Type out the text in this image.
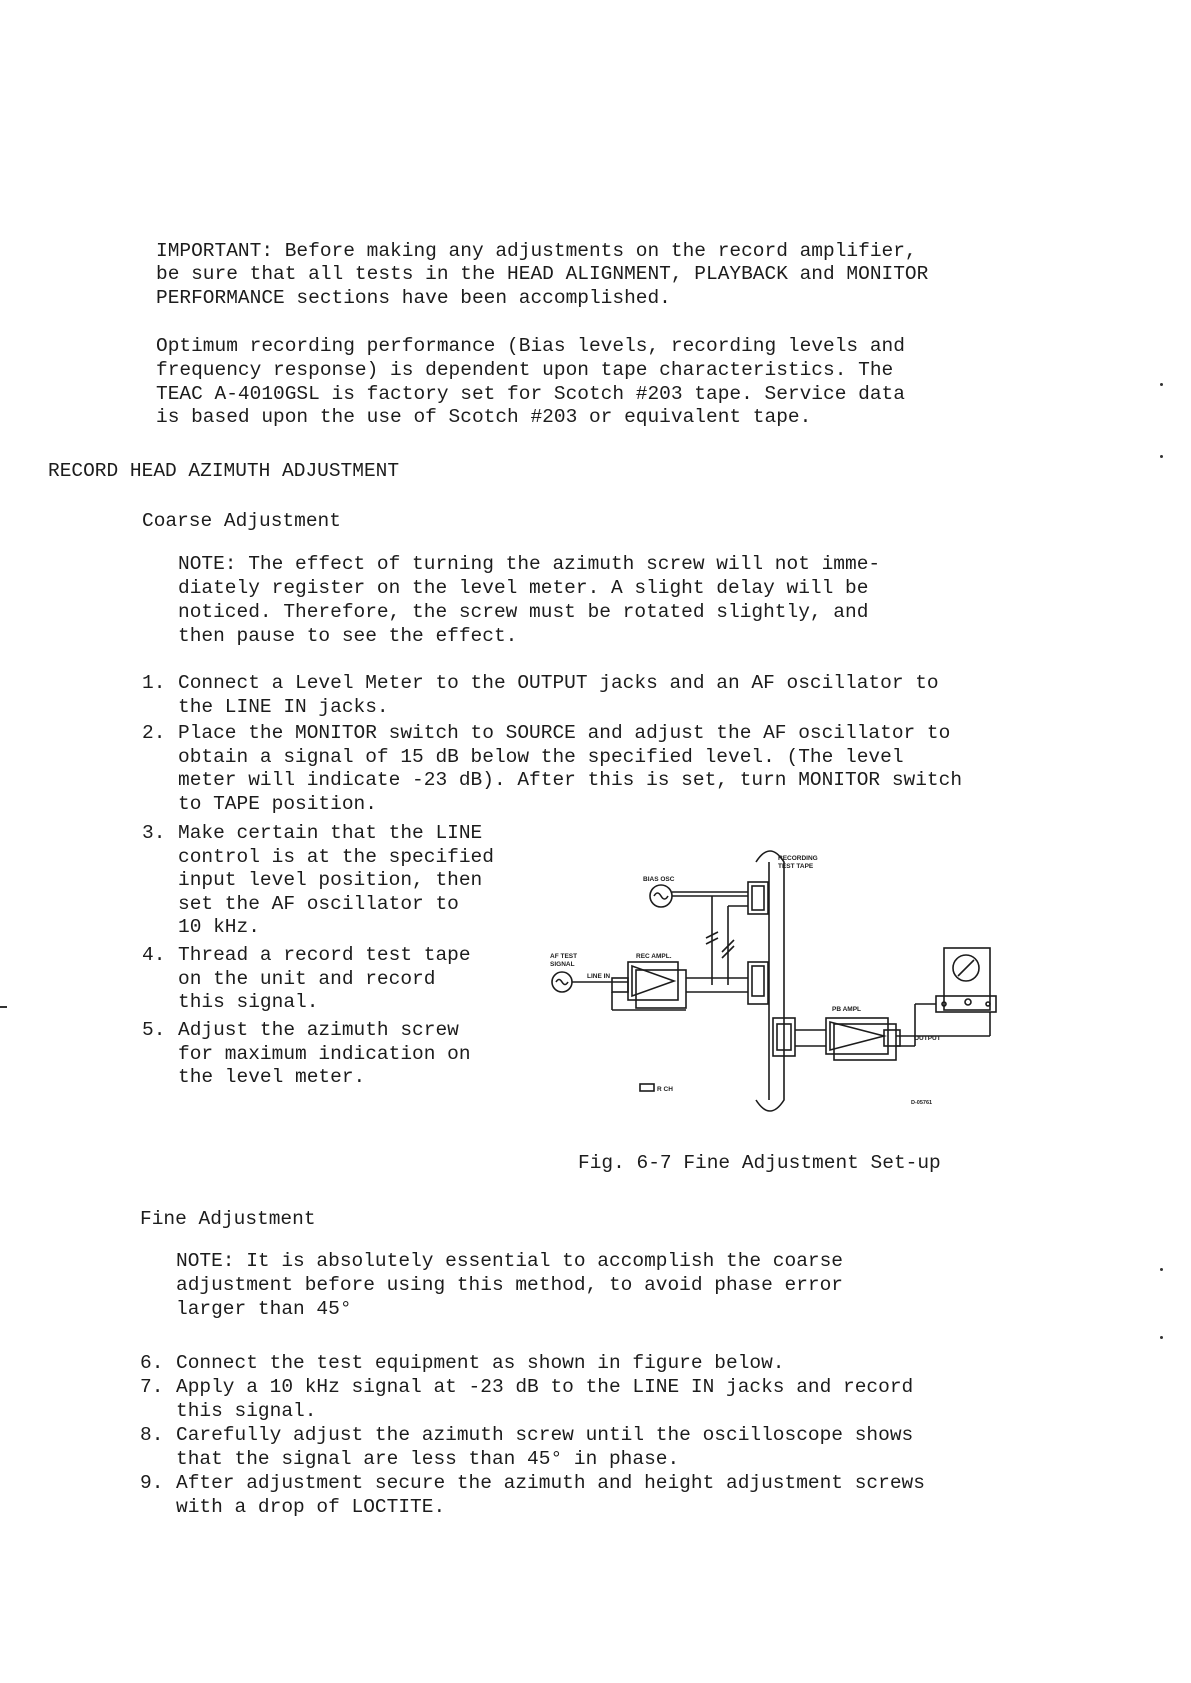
IMPORTANT: Before making any adjustments on the record amplifier,

be sure that all tests in the HEAD ALIGNMENT, PLAYBACK and MONITOR

PERFORMANCE sections have been accomplished.

Optimum recording performance (Bias levels, recording levels and

frequency response) is dependent upon tape characteristics. The

TEAC A-4010GSL is factory set for Scotch #203 tape. Service data

is based upon the use of Scotch #203 or equivalent tape.

RECORD HEAD AZIMUTH ADJUSTMENT

Coarse Adjustment

NOTE: The effect of turning the azimuth screw will not imme-

diately register on the level meter. A slight delay will be

noticed. Therefore, the screw must be rotated slightly, and

then pause to see the effect.

1. Connect a Level Meter to the OUTPUT jacks and an AF oscillator to
the LINE IN jacks.
2. Place the MONITOR switch to SOURCE and adjust the AF oscillator to
obtain a signal of 15 dB below the specified level. (The level
meter will indicate -23 dB). After this is set, turn MONITOR switch
to TAPE position.
3. Make certain that the LINE
control is at the specified
input level position, then
set the AF oscillator to
10 kHz.
4. Thread a record test tape
on the unit and record
this signal.
5. Adjust the azimuth screw
for maximum indication on
the level meter.
RECORDING
TEST TAPE
BIAS OSC
AF TEST
SIGNAL
REC AMPL.
LINE IN
PB AMPL
OUTPUT
R CH
D-05761

Fig. 6-7 Fine Adjustment Set-up

Fine Adjustment

NOTE: It is absolutely essential to accomplish the coarse

adjustment before using this method, to avoid phase error

larger than 45°

6. Connect the test equipment as shown in figure below.
7. Apply a 10 kHz signal at -23 dB to the LINE IN jacks and record
this signal.
8. Carefully adjust the azimuth screw until the oscilloscope shows
that the signal are less than 45° in phase.
9. After adjustment secure the azimuth and height adjustment screws
with a drop of LOCTITE.
